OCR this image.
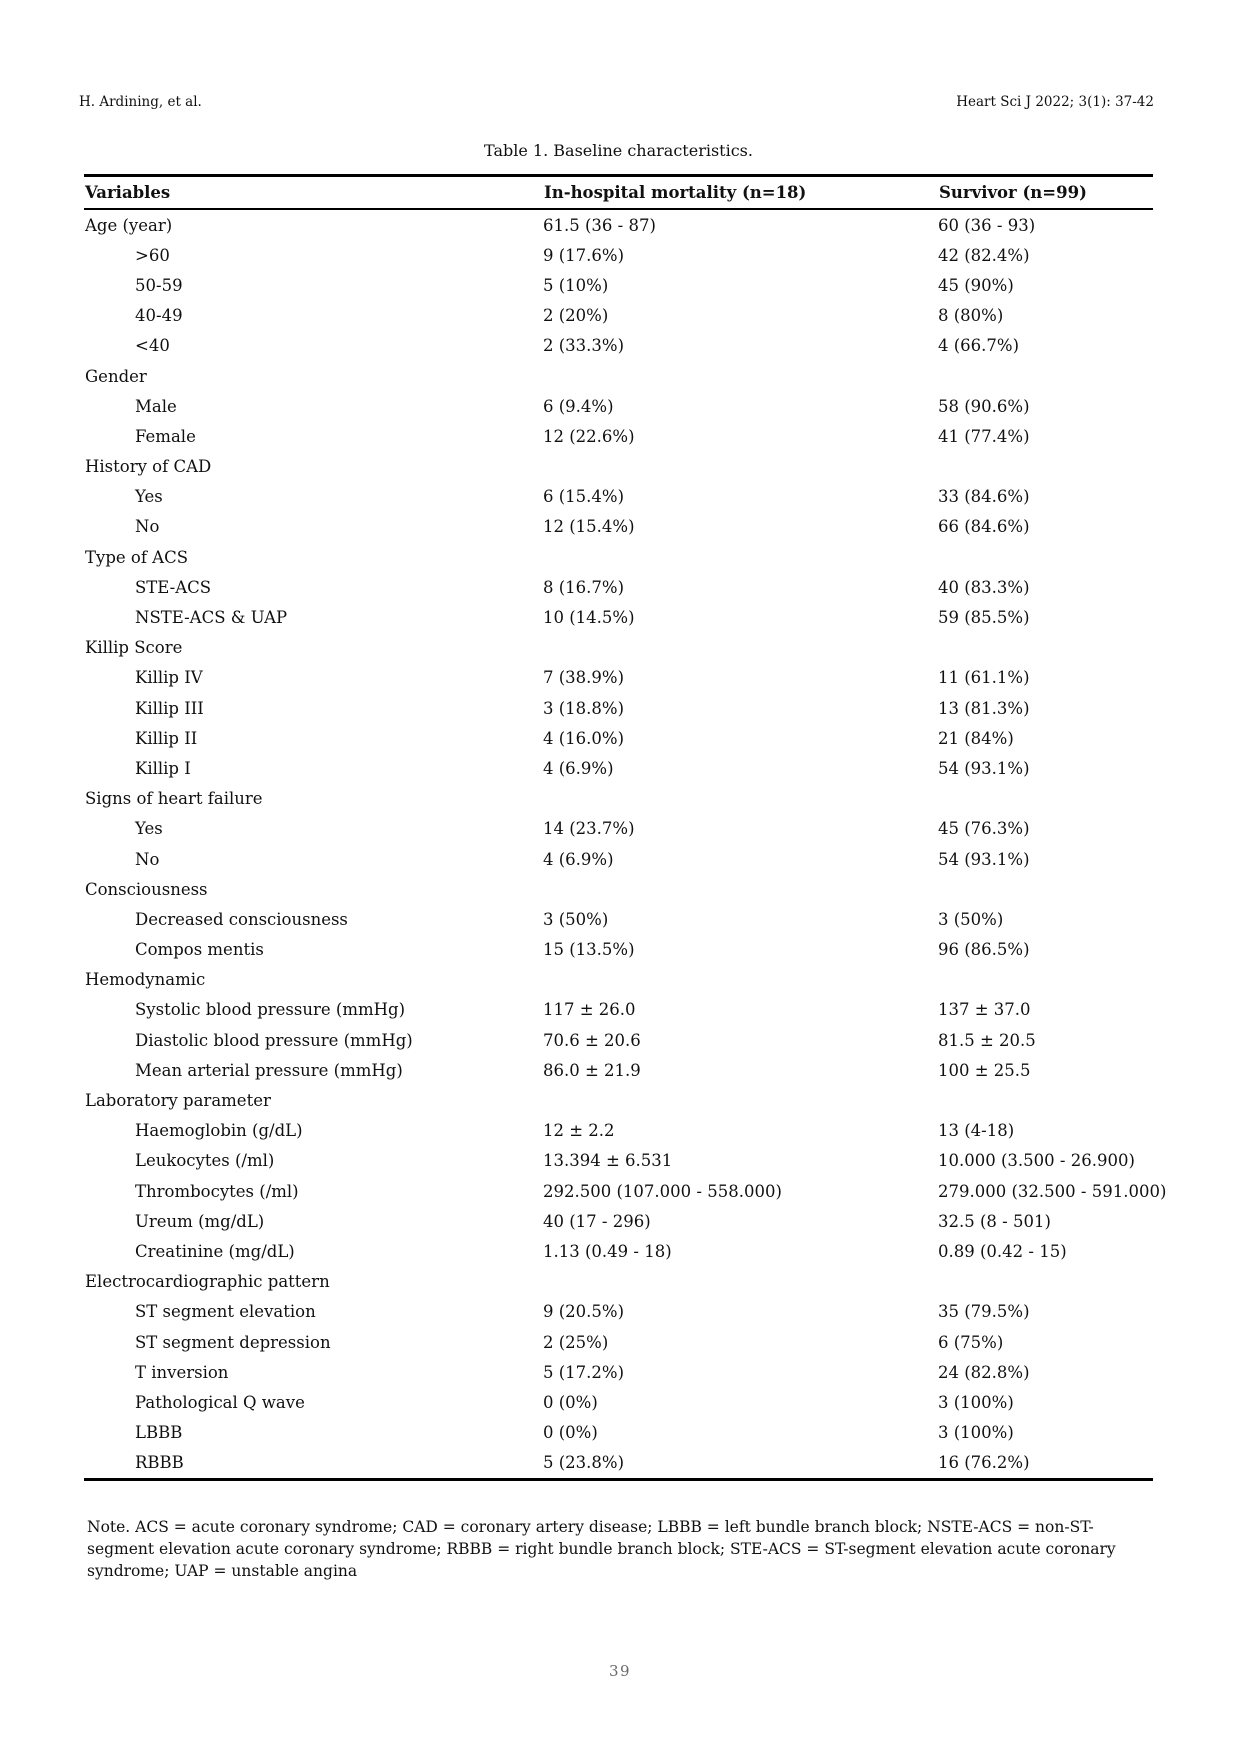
H. Ardining, et al.	Heart Sci J 2022; 3(1): 37-42
Table 1. Baseline characteristics.
Variables	In-hospital mortality (n=18)	Survivor (n=99)
Age (year)	61.5 (36 - 87)	60 (36 - 93)
>60	9 (17.6%)	42 (82.4%)
50-59	5 (10%)	45 (90%)
40-49	2 (20%)	8 (80%)
<40	2 (33.3%)	4 (66.7%)
Gender
Male	6 (9.4%)	58 (90.6%)
Female	12 (22.6%)	41 (77.4%)
History of CAD
Yes	6 (15.4%)	33 (84.6%)
No	12 (15.4%)	66 (84.6%)
Type of ACS
STE-ACS	8 (16.7%)	40 (83.3%)
NSTE-ACS & UAP	10 (14.5%)	59 (85.5%)
Killip Score
Killip IV	7 (38.9%)	11 (61.1%)
Killip III	3 (18.8%)	13 (81.3%)
Killip II	4 (16.0%)	21 (84%)
Killip I	4 (6.9%)	54 (93.1%)
Signs of heart failure
Yes	14 (23.7%)	45 (76.3%)
No	4 (6.9%)	54 (93.1%)
Consciousness
Decreased consciousness	3 (50%)	3 (50%)
Compos mentis	15 (13.5%)	96 (86.5%)
Hemodynamic
Systolic blood pressure (mmHg)	117 ± 26.0	137 ± 37.0
Diastolic blood pressure (mmHg)	70.6 ± 20.6	81.5 ± 20.5
Mean arterial pressure (mmHg)	86.0 ± 21.9	100 ± 25.5
Laboratory parameter
Haemoglobin (g/dL)	12 ± 2.2	13 (4-18)
Leukocytes (/ml)	13.394 ± 6.531	10.000 (3.500 - 26.900)
Thrombocytes (/ml)	292.500 (107.000 - 558.000)	279.000 (32.500 - 591.000)
Ureum (mg/dL)	40 (17 - 296)	32.5 (8 - 501)
Creatinine (mg/dL)	1.13 (0.49 - 18)	0.89 (0.42 - 15)
Electrocardiographic pattern
ST segment elevation	9 (20.5%)	35 (79.5%)
ST segment depression	2 (25%)	6 (75%)
T inversion	5 (17.2%)	24 (82.8%)
Pathological Q wave	0 (0%)	3 (100%)
LBBB	0 (0%)	3 (100%)
RBBB	5 (23.8%)	16 (76.2%)
Note. ACS = acute coronary syndrome; CAD = coronary artery disease; LBBB = left bundle branch block; NSTE-ACS = non-ST-segment elevation acute coronary syndrome; RBBB = right bundle branch block; STE-ACS = ST-segment elevation acute coronary syndrome; UAP = unstable angina
39
